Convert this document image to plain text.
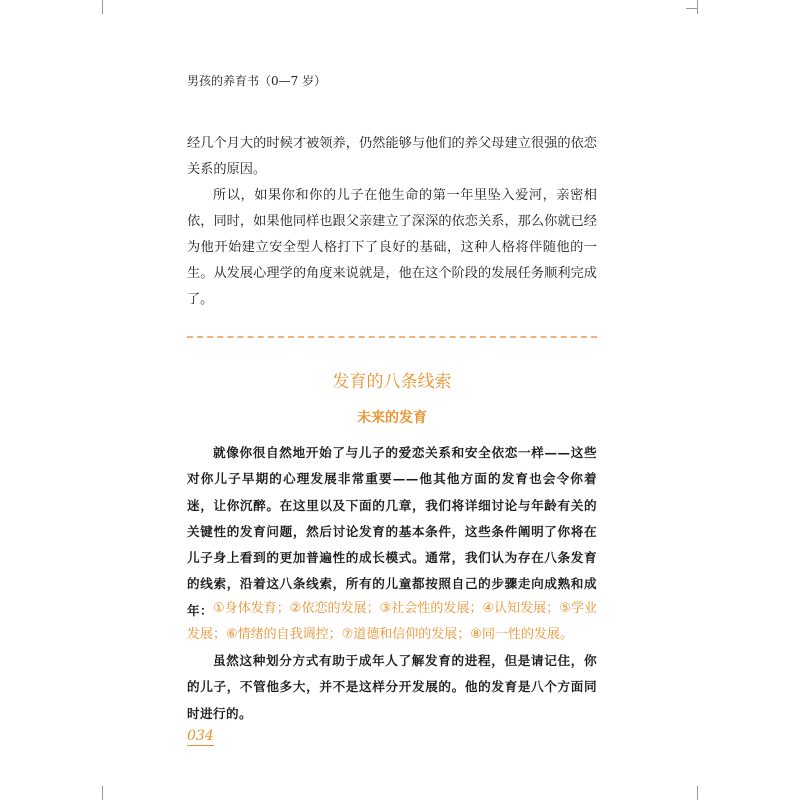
男孩的养育书（0—7 岁）

经几个月大的时候才被领养，仍然能够与他们的养父母建立很强的依恋关系的原因。

所以，如果你和你的儿子在他生命的第一年里坠入爱河，亲密相依，同时，如果他同样也跟父亲建立了深深的依恋关系，那么你就已经为他开始建立安全型人格打下了良好的基础，这种人格将伴随他的一生。从发展心理学的角度来说就是，他在这个阶段的发展任务顺利完成了。

发育的八条线索
未来的发育

就像你很自然地开始了与儿子的爱恋关系和安全依恋一样——这些对你儿子早期的心理发展非常重要——他其他方面的发育也会令你着迷，让你沉醉。在这里以及下面的几章，我们将详细讨论与年龄有关的关键性的发育问题，然后讨论发育的基本条件，这些条件阐明了你将在儿子身上看到的更加普遍性的成长模式。通常，我们认为存在八条发育的线索，沿着这八条线索，所有的儿童都按照自己的步骤走向成熟和成年： ①身体发育；②依恋的发展；③社会性的发展；④认知发展；⑤学业发展；⑥情绪的自我调控；⑦道德和信仰的发展；⑧同一性的发展。

虽然这种划分方式有助于成年人了解发育的进程，但是请记住，你的儿子，不管他多大，并不是这样分开发展的。他的发育是八个方面同时进行的。

034
